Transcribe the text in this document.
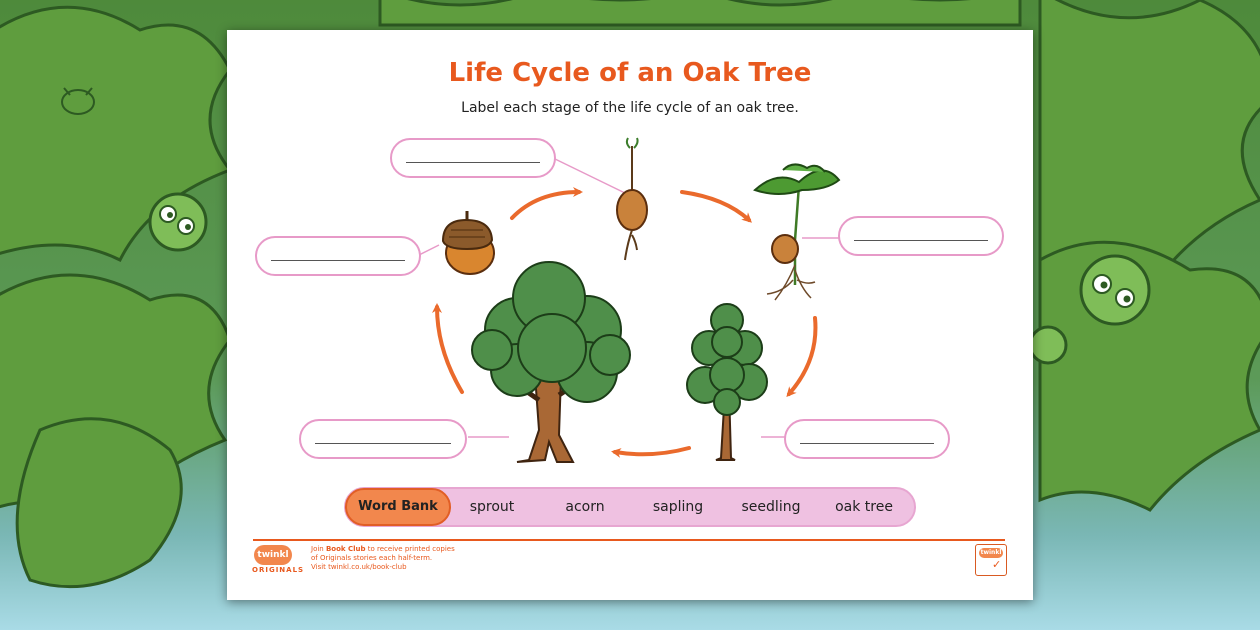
Life Cycle of an Oak Tree

Label each stage of the life cycle of an oak tree.

Word Bank	sprout	acorn	sapling	seedling	oak tree
twinkl
ORIGINALS
Join Book Club to receive printed copies
of Originals stories each half-term.
Visit twinkl.co.uk/book-club
twinkl
✓
